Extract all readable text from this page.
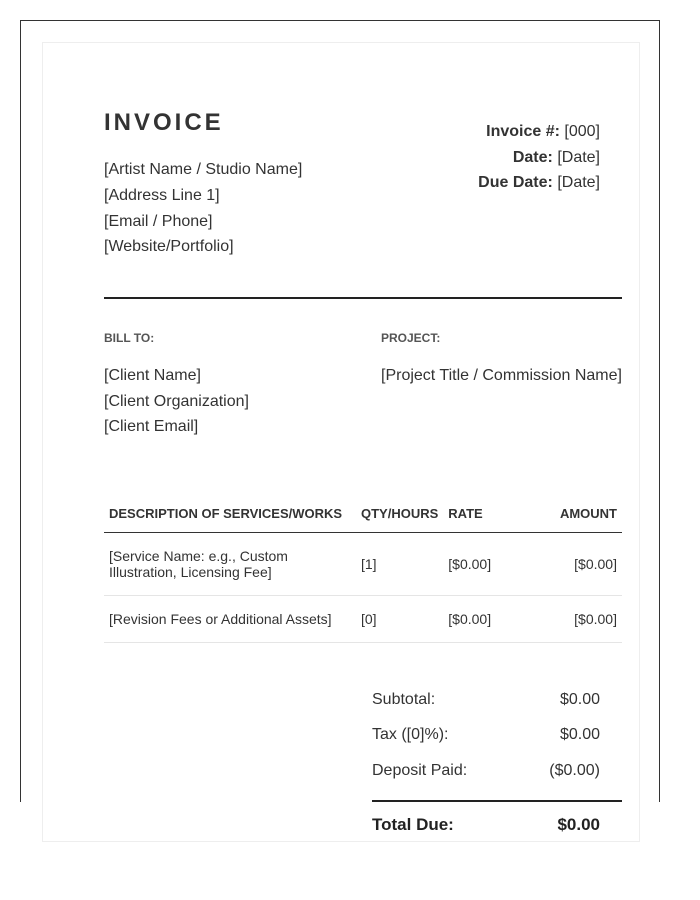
INVOICE
[Artist Name / Studio Name]
[Address Line 1]
[Email / Phone]
[Website/Portfolio]
Invoice #: [000]
Date: [Date]
Due Date: [Date]
BILL TO:
[Client Name]
[Client Organization]
[Client Email]
PROJECT:
[Project Title / Commission Name]
DESCRIPTION OF SERVICES/WORKS	QTY/HOURS	RATE	AMOUNT
[Service Name: e.g., Custom Illustration, Licensing Fee]	[1]	[$0.00]	[$0.00]
[Revision Fees or Additional Assets]	[0]	[$0.00]	[$0.00]
Subtotal:	$0.00
Tax ([0]%):	$0.00
Deposit Paid:	($0.00)
Total Due:	$0.00
